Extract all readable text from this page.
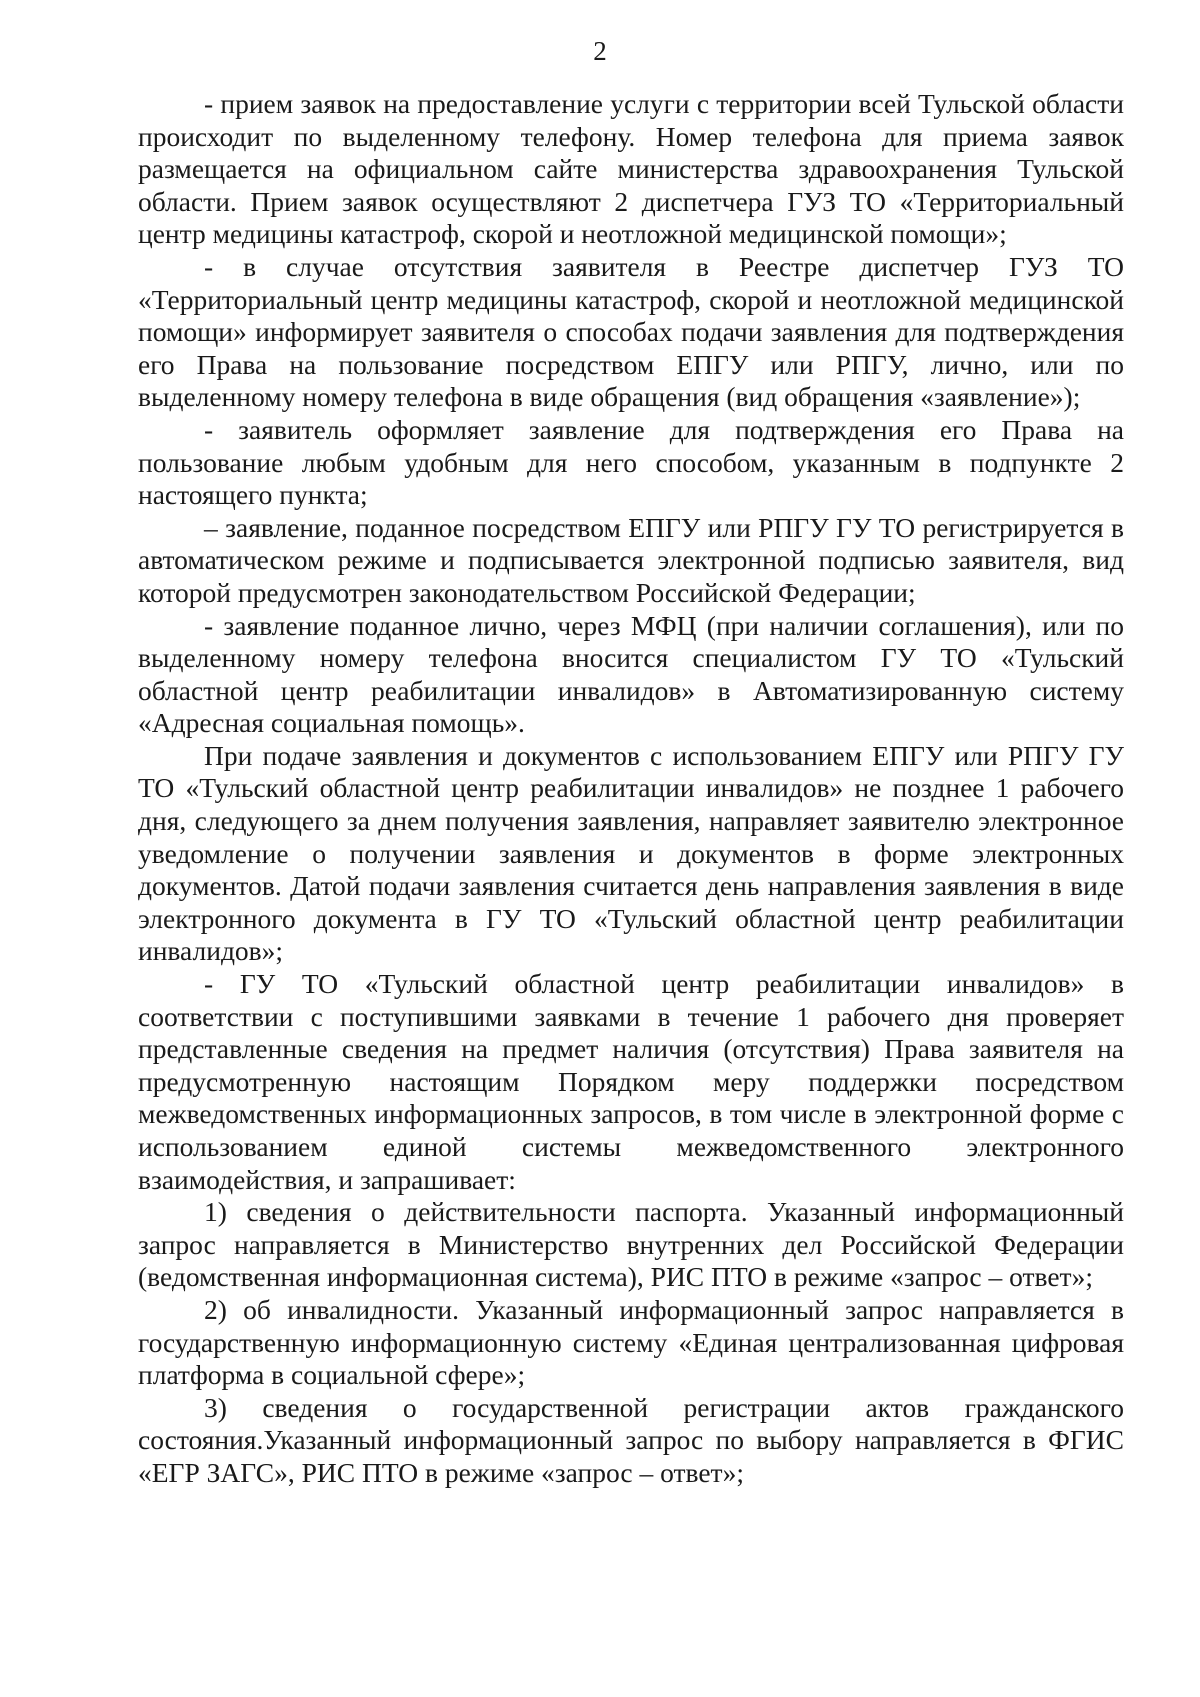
2

- прием заявок на предоставление услуги с территории всей Тульской области происходит по выделенному телефону. Номер телефона для приема заявок размещается на официальном сайте министерства здравоохранения Тульской области. Прием заявок осуществляют 2 диспетчера ГУЗ ТО «Территориальный центр медицины катастроф, скорой и неотложной медицинской помощи»;

- в случае отсутствия заявителя в Реестре диспетчер ГУЗ ТО «Территориальный центр медицины катастроф, скорой и неотложной медицинской помощи» информирует заявителя о способах подачи заявления для подтверждения его Права на пользование посредством ЕПГУ или РПГУ, лично, или по выделенному номеру телефона в виде обращения (вид обращения «заявление»);

- заявитель оформляет заявление для подтверждения его Права на пользование любым удобным для него способом, указанным в подпункте 2 настоящего пункта;

– заявление, поданное посредством ЕПГУ или РПГУ ГУ ТО регистрируется в автоматическом режиме и подписывается электронной подписью заявителя, вид которой предусмотрен законодательством Российской Федерации;

- заявление поданное лично, через МФЦ (при наличии соглашения), или по выделенному номеру телефона вносится специалистом ГУ ТО «Тульский областной центр реабилитации инвалидов» в Автоматизированную систему «Адресная социальная помощь».

При подаче заявления и документов с использованием ЕПГУ или РПГУ ГУ ТО «Тульский областной центр реабилитации инвалидов» не позднее 1 рабочего дня, следующего за днем получения заявления, направляет заявителю электронное уведомление о получении заявления и документов в форме электронных документов. Датой подачи заявления считается день направления заявления в виде электронного документа в ГУ ТО «Тульский областной центр реабилитации инвалидов»;

- ГУ ТО «Тульский областной центр реабилитации инвалидов» в соответствии с поступившими заявками в течение 1 рабочего дня проверяет представленные сведения на предмет наличия (отсутствия) Права заявителя на предусмотренную настоящим Порядком меру поддержки посредством межведомственных информационных запросов, в том числе в электронной форме с использованием единой системы межведомственного электронного взаимодействия, и запрашивает:

1) сведения о действительности паспорта. Указанный информационный запрос направляется в Министерство внутренних дел Российской Федерации (ведомственная информационная система), РИС ПТО в режиме «запрос – ответ»;

2) об инвалидности. Указанный информационный запрос направляется в государственную информационную систему «Единая централизованная цифровая платформа в социальной сфере»;

3) сведения о государственной регистрации актов гражданского состояния.Указанный информационный запрос по выбору направляется в ФГИС «ЕГР ЗАГС», РИС ПТО в режиме «запрос – ответ»;
